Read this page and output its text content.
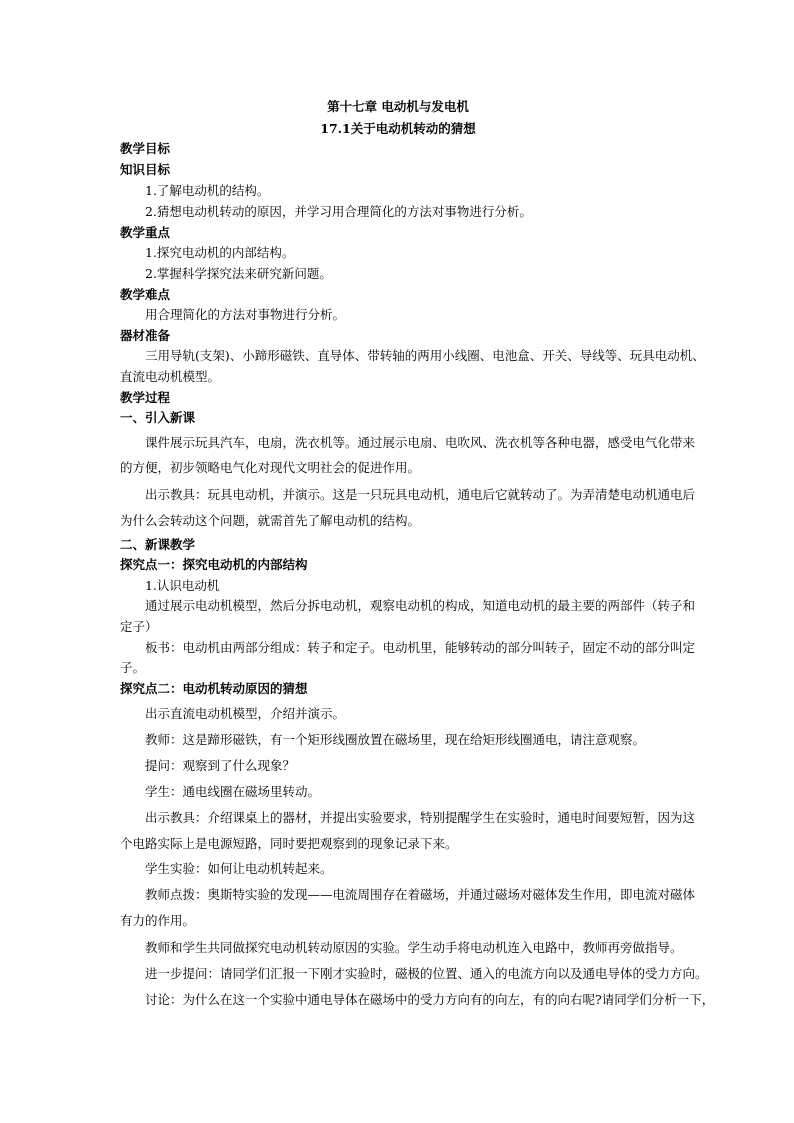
第十七章 电动机与发电机
17.1关于电动机转动的猜想
教学目标
知识目标
1.了解电动机的结构。
2.猜想电动机转动的原因，并学习用合理简化的方法对事物进行分析。
教学重点
1.探究电动机的内部结构。
2.掌握科学探究法来研究新问题。
教学难点
用合理简化的方法对事物进行分析。
器材准备
三用导轨(支架)、小蹄形磁铁、直导体、带转轴的两用小线圈、电池盒、开关、导线等、玩具电动机、
直流电动机模型。
教学过程
一、引入新课
课件展示玩具汽车，电扇，洗衣机等。通过展示电扇、电吹风、洗衣机等各种电器，感受电气化带来
的方便，初步领略电气化对现代文明社会的促进作用。
出示教具：玩具电动机，并演示。这是一只玩具电动机，通电后它就转动了。为弄清楚电动机通电后
为什么会转动这个问题，就需首先了解电动机的结构。
二、新课教学
探究点一：探究电动机的内部结构
1.认识电动机
通过展示电动机模型，然后分拆电动机，观察电动机的构成，知道电动机的最主要的两部件（转子和
定子）
板书：电动机由两部分组成：转子和定子。电动机里，能够转动的部分叫转子，固定不动的部分叫定
子。
探究点二：电动机转动原因的猜想
出示直流电动机模型，介绍并演示。
教师：这是蹄形磁铁，有一个矩形线圈放置在磁场里，现在给矩形线圈通电，请注意观察。
提问：观察到了什么现象？
学生：通电线圈在磁场里转动。
出示教具：介绍课桌上的器材，并提出实验要求，特别提醒学生在实验时，通电时间要短暂，因为这
个电路实际上是电源短路，同时要把观察到的现象记录下来。
学生实验：如何让电动机转起来。
教师点拨：奥斯特实验的发现——电流周围存在着磁场，并通过磁场对磁体发生作用，即电流对磁体
有力的作用。
教师和学生共同做探究电动机转动原因的实验。学生动手将电动机连入电路中，教师再旁做指导。
进一步提问：请同学们汇报一下刚才实验时，磁极的位置、通入的电流方向以及通电导体的受力方向。
讨论：为什么在这一个实验中通电导体在磁场中的受力方向有的向左，有的向右呢?请同学们分析一下，
